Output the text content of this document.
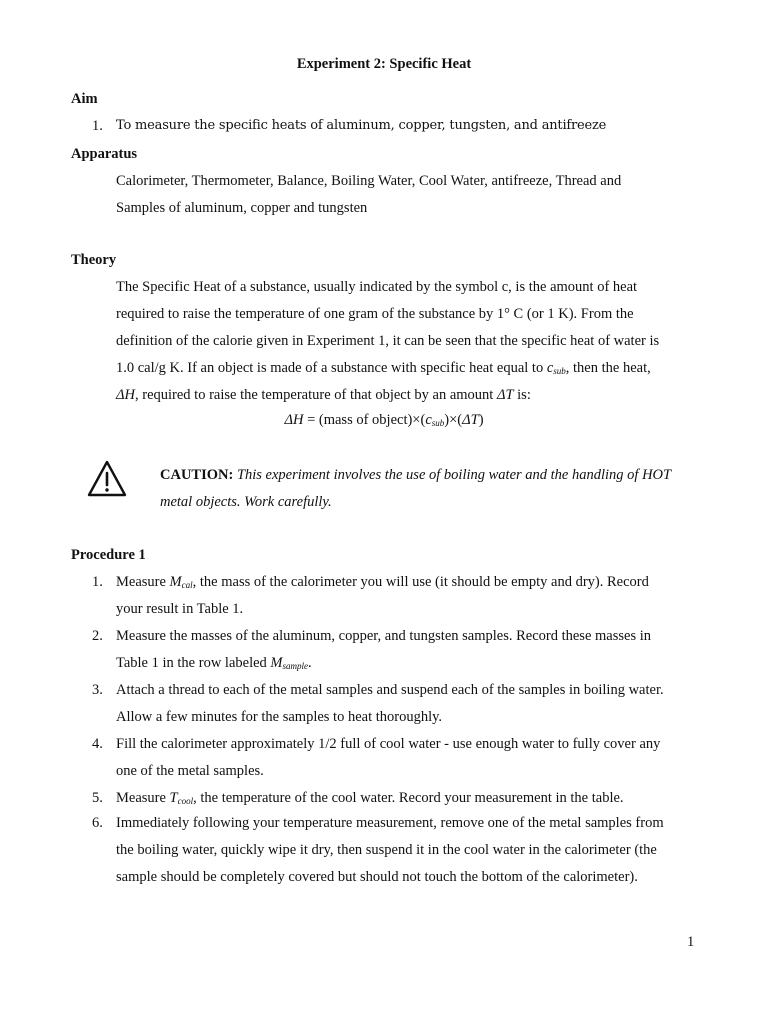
Experiment 2: Specific Heat
Aim
1. To measure the specific heats of aluminum, copper, tungsten, and antifreeze
Apparatus
Calorimeter, Thermometer, Balance, Boiling Water, Cool Water, antifreeze, Thread and
Samples of aluminum, copper and tungsten
Theory
The Specific Heat of a substance, usually indicated by the symbol c, is the amount of heat
required to raise the temperature of one gram of the substance by 1° C (or 1 K). From the
definition of the calorie given in Experiment 1, it can be seen that the specific heat of water is
1.0 cal/g K. If an object is made of a substance with specific heat equal to $c_{sub}$, then the heat,
ΔH, required to raise the temperature of that object by an amount ΔT is:
ΔH = (mass of $object)\times(c_{sub})\times(\Delta T)$
CAUTION: This experiment involves the use of boiling water and the handling of HOT
metal objects. Work carefully.
Procedure 1
1. Measure $M_{cal}$, the mass of the calorimeter you will use (it should be empty and dry). Record
your result in Table 1.
2. Measure the masses of the aluminum, copper, and tungsten samples. Record these masses in
Table 1 in the row labeled $M_{sample}$.
3. Attach a thread to each of the metal samples and suspend each of the samples in boiling water.
Allow a few minutes for the samples to heat thoroughly.
4. Fill the calorimeter approximately 1/2 full of cool water - use enough water to fully cover any
one of the metal samples.
5. Measure $T_{cool}$, the temperature of the cool water. Record your measurement in the table.
6. Immediately following your temperature measurement, remove one of the metal samples from
the boiling water, quickly wipe it dry, then suspend it in the cool water in the calorimeter (the
sample should be completely covered but should not touch the bottom of the calorimeter).
1
